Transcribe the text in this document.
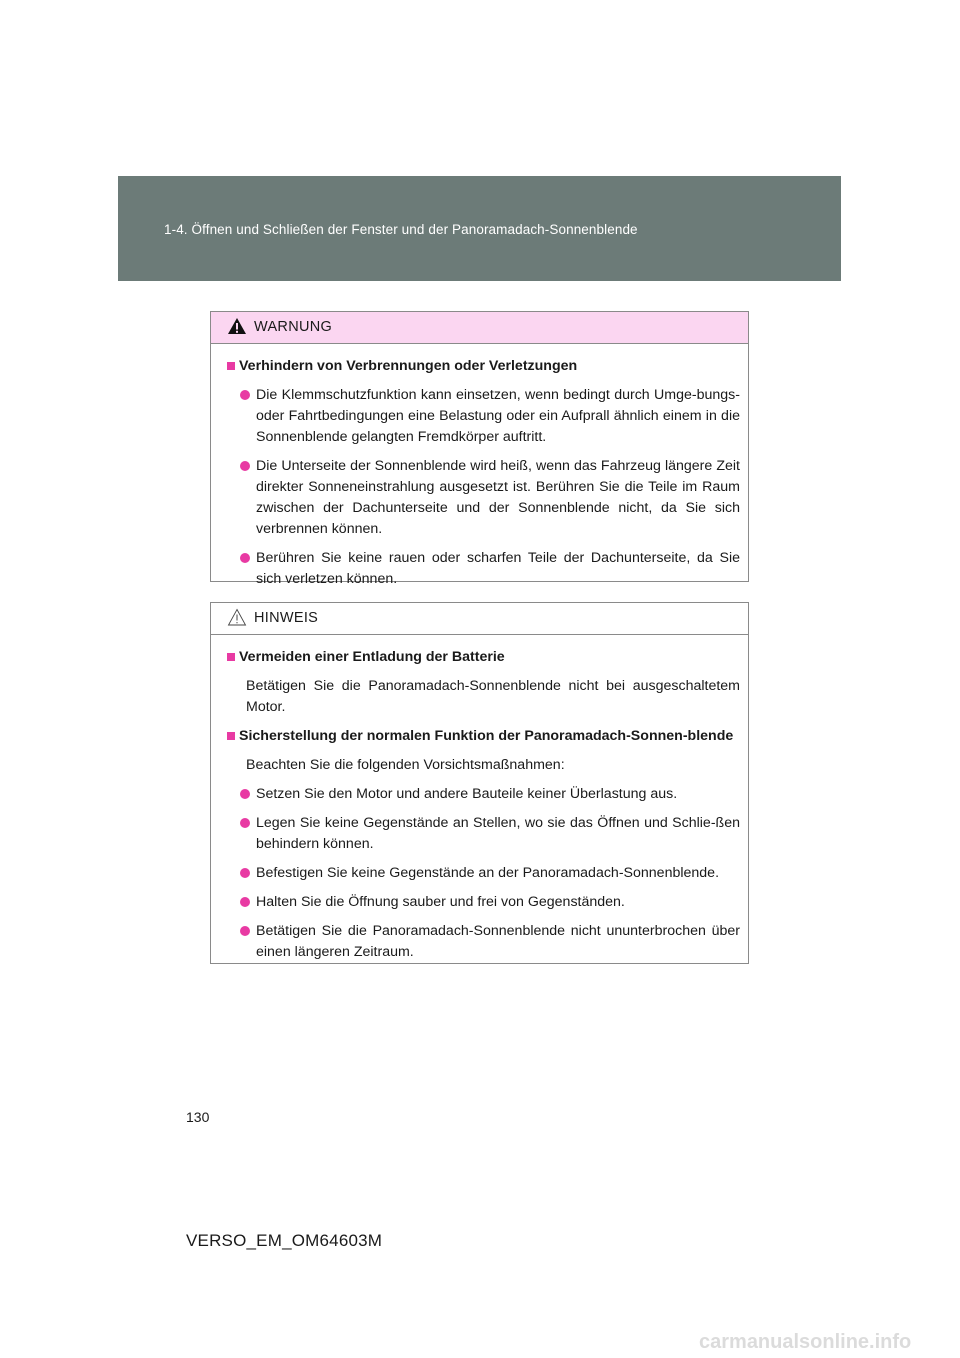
1-4. Öffnen und Schließen der Fenster und der Panoramadach-Sonnenblende
WARNUNG
Verhindern von Verbrennungen oder Verletzungen
Die Klemmschutzfunktion kann einsetzen, wenn bedingt durch Umge-bungs- oder Fahrtbedingungen eine Belastung oder ein Aufprall ähnlich einem in die Sonnenblende gelangten Fremdkörper auftritt.
Die Unterseite der Sonnenblende wird heiß, wenn das Fahrzeug längere Zeit direkter Sonneneinstrahlung ausgesetzt ist. Berühren Sie die Teile im Raum zwischen der Dachunterseite und der Sonnenblende nicht, da Sie sich verbrennen können.
Berühren Sie keine rauen oder scharfen Teile der Dachunterseite, da Sie sich verletzen können.
HINWEIS
Vermeiden einer Entladung der Batterie
Betätigen Sie die Panoramadach-Sonnenblende nicht bei ausgeschaltetem Motor.
Sicherstellung der normalen Funktion der Panoramadach-Sonnen-blende
Beachten Sie die folgenden Vorsichtsmaßnahmen:
Setzen Sie den Motor und andere Bauteile keiner Überlastung aus.
Legen Sie keine Gegenstände an Stellen, wo sie das Öffnen und Schlie-ßen behindern können.
Befestigen Sie keine Gegenstände an der Panoramadach-Sonnenblende.
Halten Sie die Öffnung sauber und frei von Gegenständen.
Betätigen Sie die Panoramadach-Sonnenblende nicht ununterbrochen über einen längeren Zeitraum.
130
VERSO_EM_OM64603M
carmanualsonline.info
